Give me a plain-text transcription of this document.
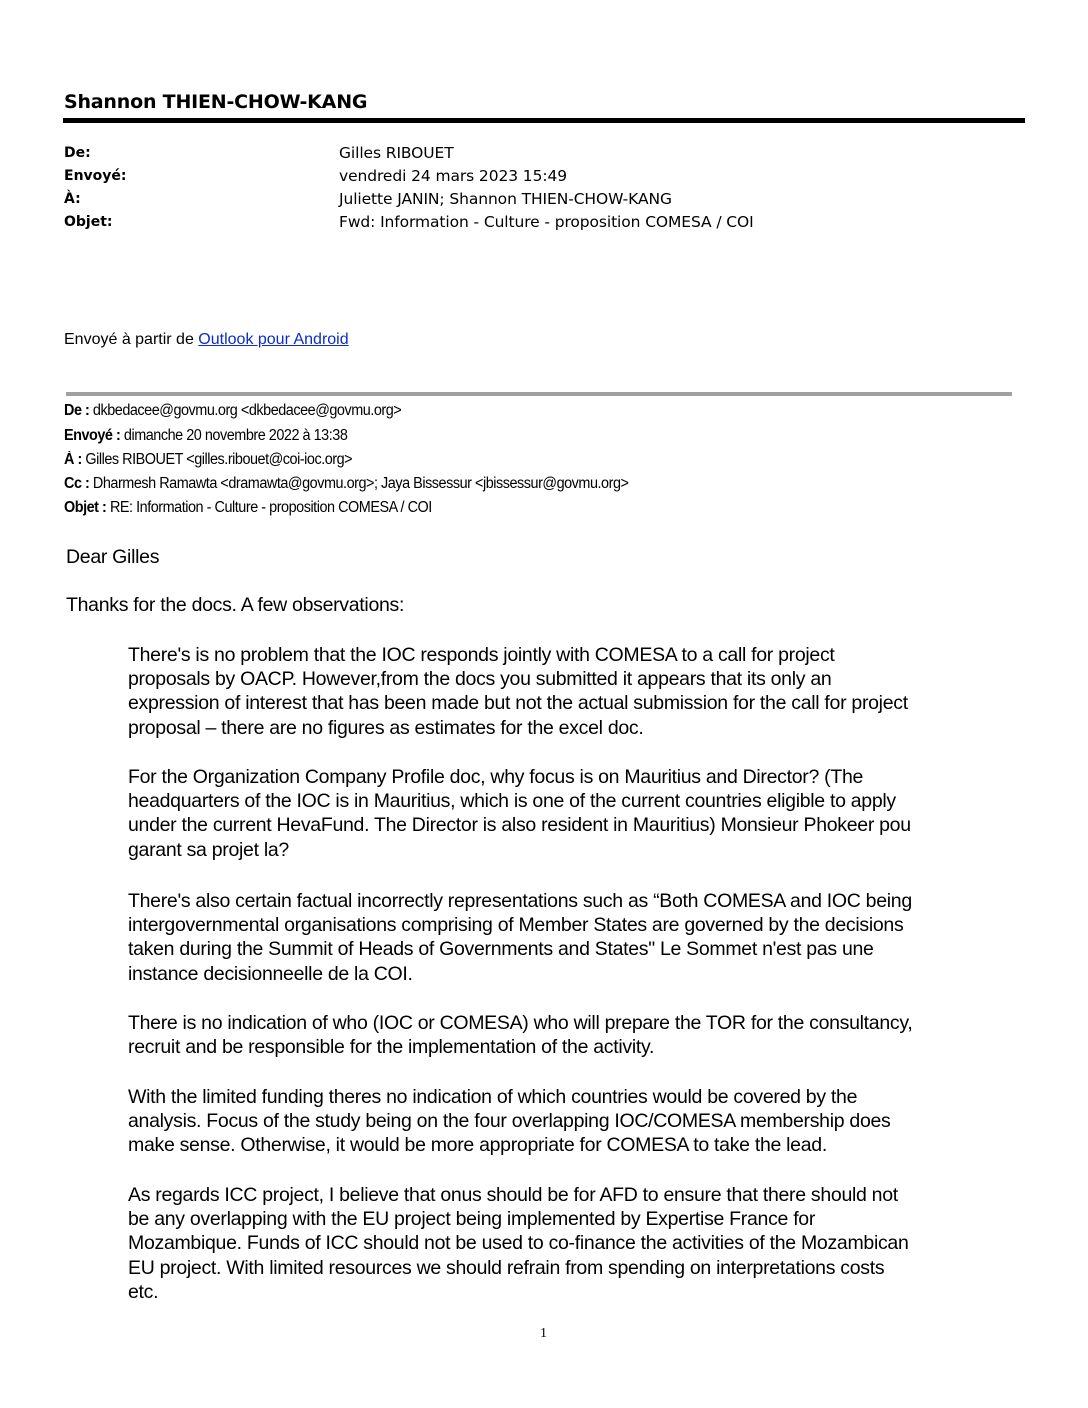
Shannon THIEN-CHOW-KANG
De:	Gilles RIBOUET
Envoyé:	vendredi 24 mars 2023 15:49
À:	Juliette JANIN; Shannon THIEN-CHOW-KANG
Objet:	Fwd: Information - Culture - proposition COMESA / COI
Envoyé à partir de Outlook pour Android
De : dkbedacee@govmu.org <dkbedacee@govmu.org>
Envoyé : dimanche 20 novembre 2022 à 13:38
À : Gilles RIBOUET <gilles.ribouet@coi-ioc.org>
Cc : Dharmesh Ramawta <dramawta@govmu.org>; Jaya Bissessur <jbissessur@govmu.org>
Objet : RE: Information - Culture - proposition COMESA / COI
Dear Gilles
Thanks for the docs. A few observations:
There's is no problem that the IOC responds jointly with COMESA to a call for project
proposals by OACP. However,from the docs you submitted it appears that its only an
expression of interest that has been made but not the actual submission for the call for project
proposal – there are no figures as estimates for the excel doc.
For the Organization Company Profile doc, why focus is on Mauritius and Director? (The
headquarters of the IOC is in Mauritius, which is one of the current countries eligible to apply
under the current HevaFund. The Director is also resident in Mauritius) Monsieur Phokeer pou
garant sa projet la?
There's also certain factual incorrectly representations such as “Both COMESA and IOC being
intergovernmental organisations comprising of Member States are governed by the decisions
taken during the Summit of Heads of Governments and States" Le Sommet n'est pas une
instance decisionneelle de la COI.
There is no indication of who (IOC or COMESA) who will prepare the TOR for the consultancy,
recruit and be responsible for the implementation of the activity.
With the limited funding theres no indication of which countries would be covered by the
analysis. Focus of the study being on the four overlapping IOC/COMESA membership does
make sense. Otherwise, it would be more appropriate for COMESA to take the lead.
As regards ICC project, I believe that onus should be for AFD to ensure that there should not
be any overlapping with the EU project being implemented by Expertise France for
Mozambique. Funds of ICC should not be used to co-finance the activities of the Mozambican
EU project. With limited resources we should refrain from spending on interpretations costs
etc.
1
